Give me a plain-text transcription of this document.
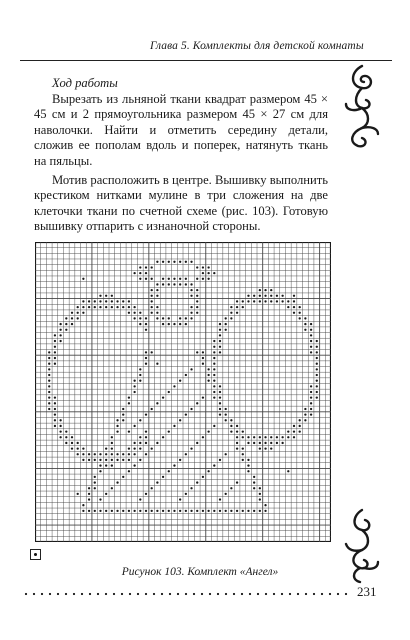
Глава 5. Комплекты для детской комнаты

Ход работы

Вырезать из льняной ткани квадрат размером 45 × 45 см и 2 прямоугольника размером 45 × 27 см для наволочки. Найти и отметить середину детали, сложив ее пополам вдоль и поперек, натянуть ткань на пяльцы.

Мотив расположить в центре. Вышивку выполнить крестиком нитками мулине в три сложения на две клеточки ткани по счетной схеме (рис. 103). Готовую вышивку отпарить с изнаночной стороны.

Рисунок 103. Комплект «Ангел»
231
